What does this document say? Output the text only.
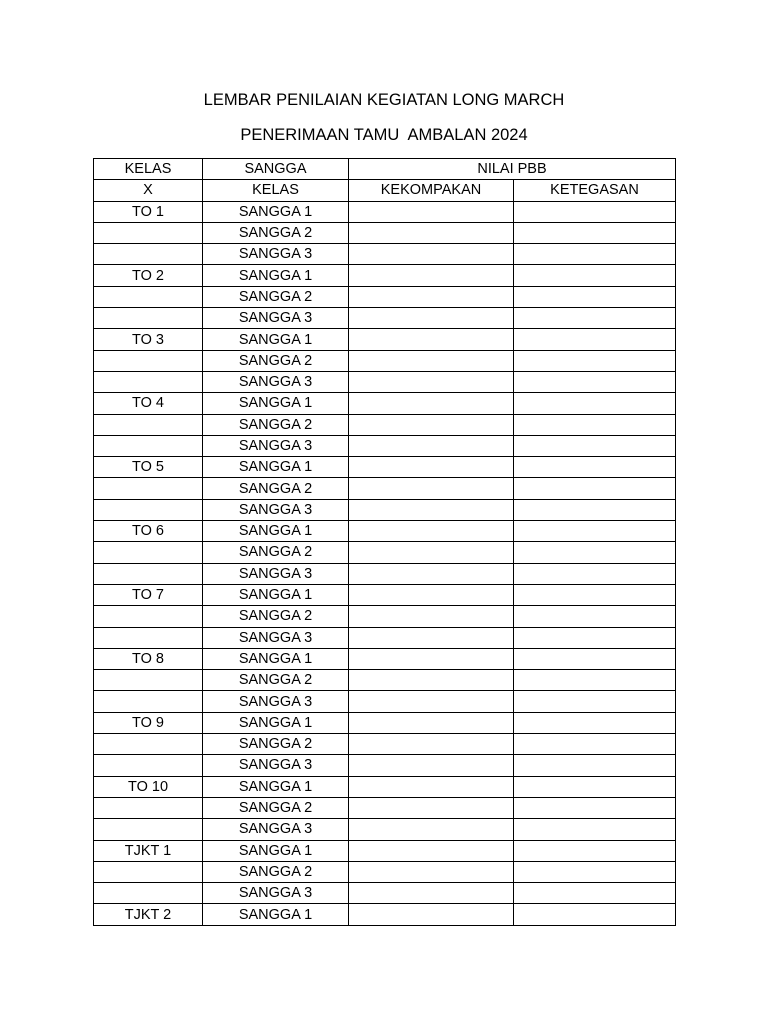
LEMBAR PENILAIAN KEGIATAN LONG MARCH
PENERIMAAN TAMU  AMBALAN 2024
KELAS	SANGGA	NILAI PBB	
X	KELAS	KEKOMPAKAN	KETEGASAN
TO 1	SANGGA 1		
	SANGGA 2		
	SANGGA 3		
TO 2	SANGGA 1		
	SANGGA 2		
	SANGGA 3		
TO 3	SANGGA 1		
	SANGGA 2		
	SANGGA 3		
TO 4	SANGGA 1		
	SANGGA 2		
	SANGGA 3		
TO 5	SANGGA 1		
	SANGGA 2		
	SANGGA 3		
TO 6	SANGGA 1		
	SANGGA 2		
	SANGGA 3		
TO 7	SANGGA 1		
	SANGGA 2		
	SANGGA 3		
TO 8	SANGGA 1		
	SANGGA 2		
	SANGGA 3		
TO 9	SANGGA 1		
	SANGGA 2		
	SANGGA 3		
TO 10	SANGGA 1		
	SANGGA 2		
	SANGGA 3		
TJKT 1	SANGGA 1		
	SANGGA 2		
	SANGGA 3		
TJKT 2	SANGGA 1		
